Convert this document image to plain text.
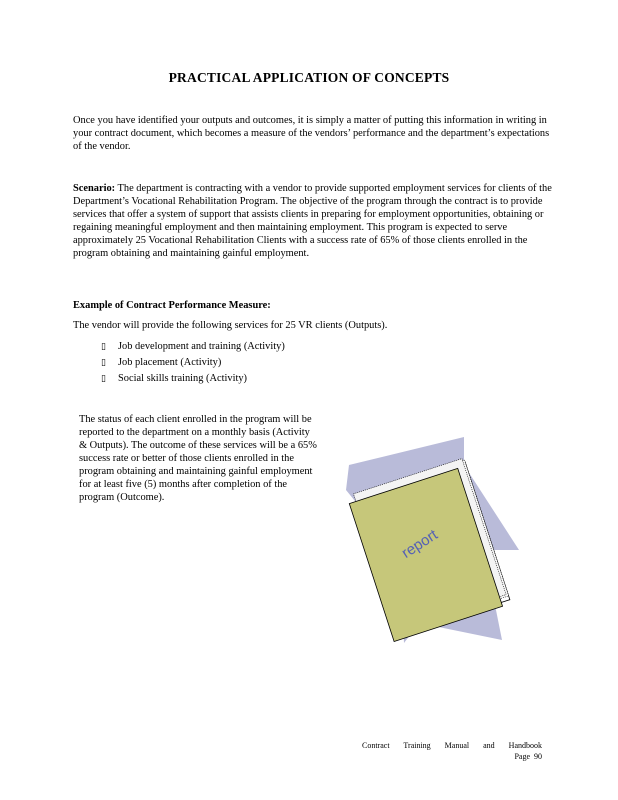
PRACTICAL APPLICATION OF CONCEPTS
Once you have identified your outputs and outcomes, it is simply a matter of putting this information in writing in your contract document, which becomes a measure of the vendors’ performance and the department’s expectations of the vendor.
Scenario: The department is contracting with a vendor to provide supported employment services for clients of the Department’s Vocational Rehabilitation Program. The objective of the program through the contract is to provide services that offer a system of support that assists clients in preparing for employment opportunities, obtaining or regaining meaningful employment and then maintaining employment. This program is expected to serve approximately 25 Vocational Rehabilitation Clients with a success rate of 65% of those clients enrolled in the program obtaining and maintaining gainful employment.
Example of Contract Performance Measure:
The vendor will provide the following services for 25 VR clients (Outputs).
▯	Job development and training (Activity)
▯	Job placement (Activity)
▯	Social skills training (Activity)
The status of each client enrolled in the program will be reported to the department on a monthly basis (Activity & Outputs). The outcome of these services will be a 65% success rate or better of those clients enrolled in the program obtaining and maintaining gainful employment for at least five (5) months after completion of the program (Outcome).
report
Contract Training Manual and Handbook
Page 90
